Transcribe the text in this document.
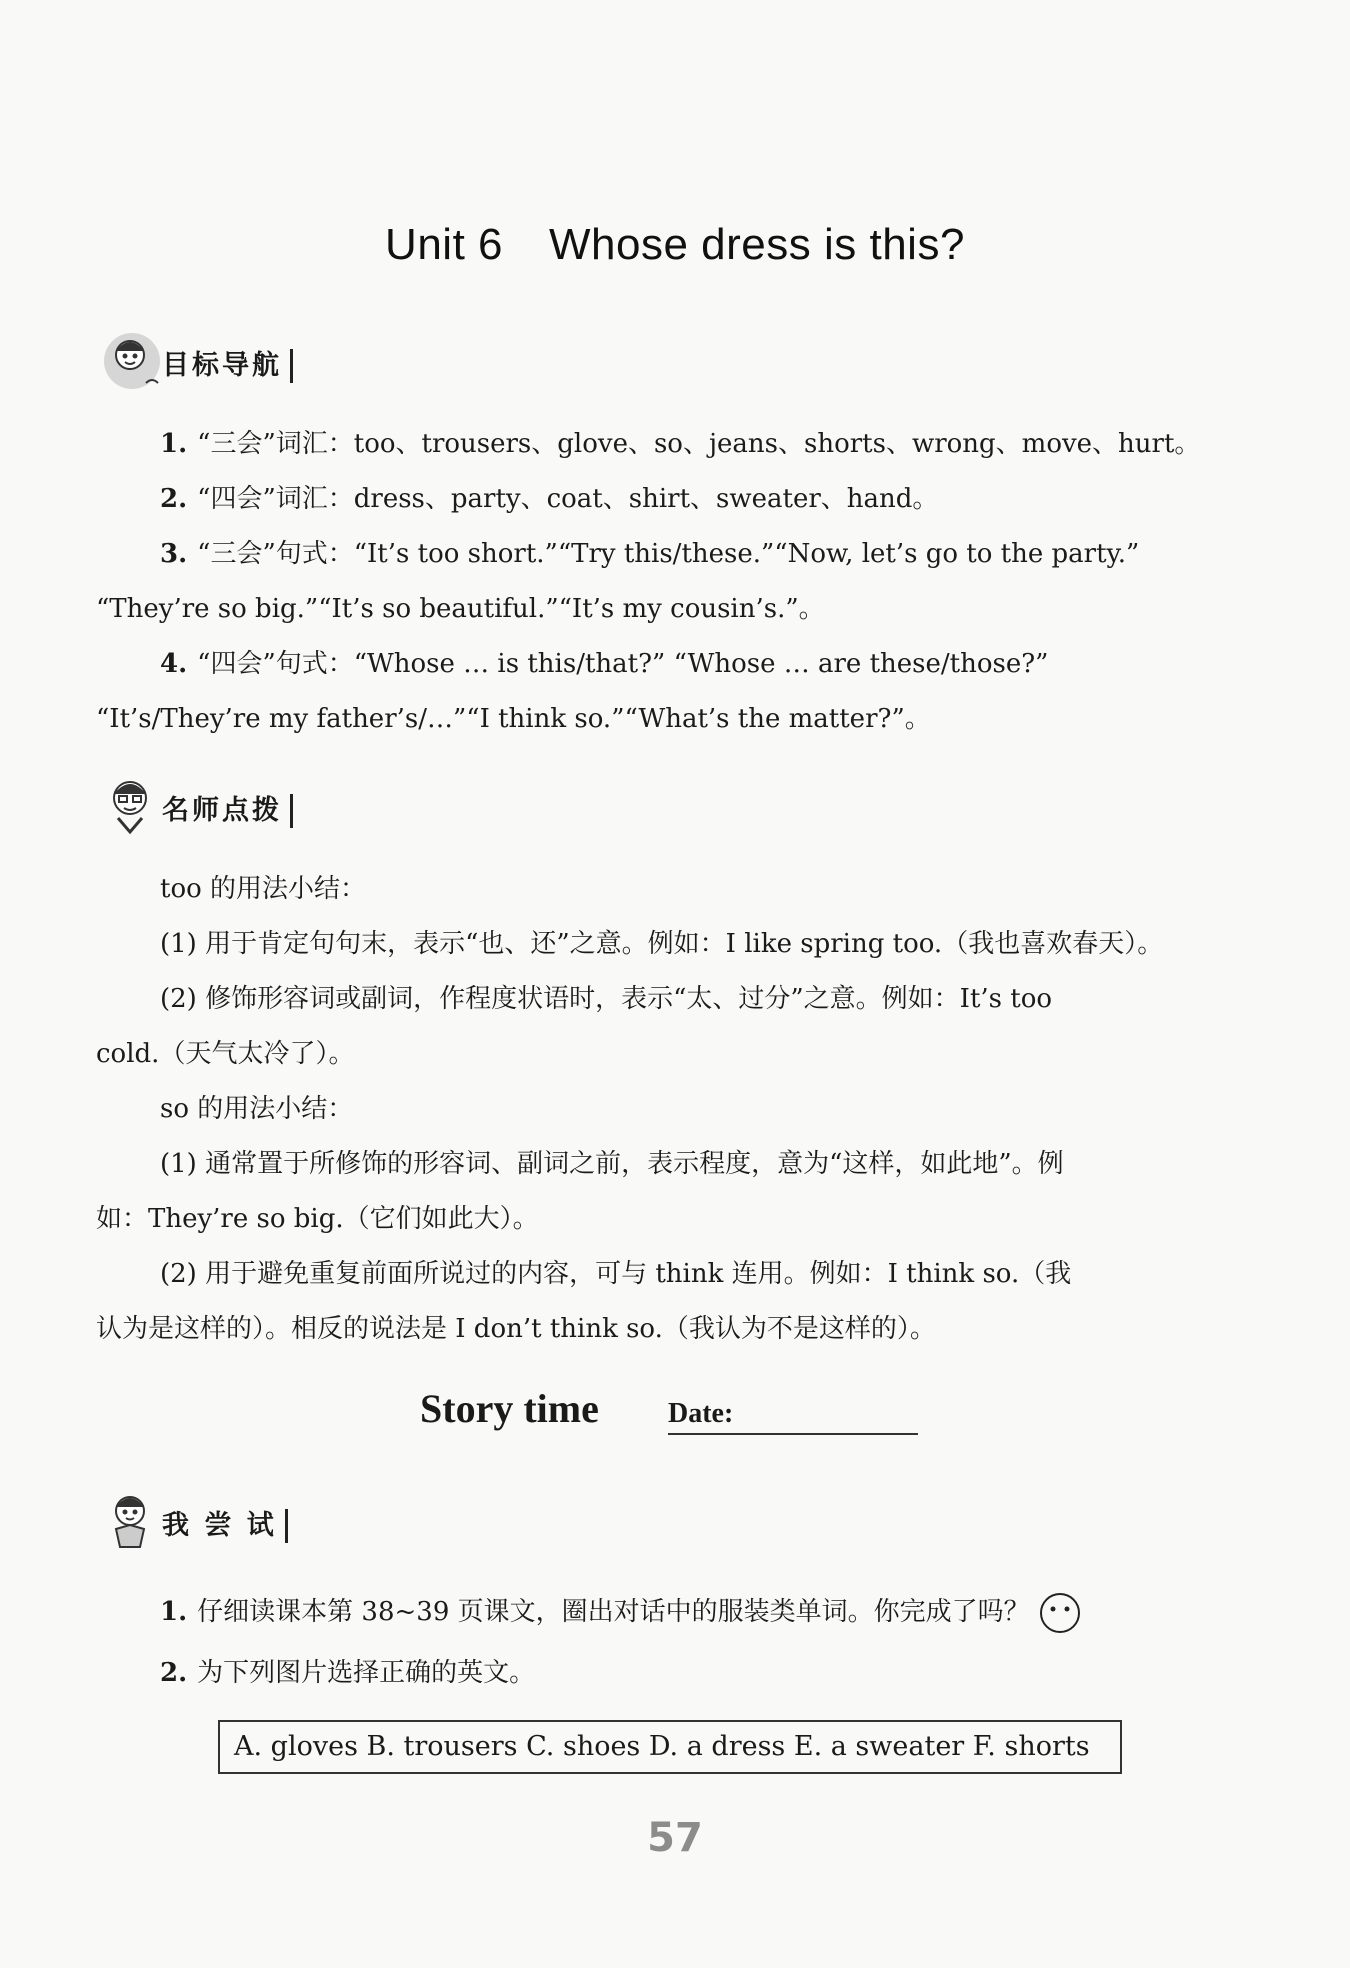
Unit 6 Whose dress is this?
目标导航
1. “三会”词汇：too、trousers、glove、so、jeans、shorts、wrong、move、hurt。
2. “四会”词汇：dress、party、coat、shirt、sweater、hand。
3. “三会”句式：“It’s too short.”“Try this/these.”“Now, let’s go to the party.”
“They’re so big.”“It’s so beautiful.”“It’s my cousin’s.”。
4. “四会”句式：“Whose … is this/that?” “Whose … are these/those?”
“It’s/They’re my father’s/…”“I think so.”“What’s the matter?”。
名师点拨
too 的用法小结：
(1) 用于肯定句句末，表示“也、还”之意。例如：I like spring too.（我也喜欢春天）。
(2) 修饰形容词或副词，作程度状语时，表示“太、过分”之意。例如：It’s too
cold.（天气太冷了）。
so 的用法小结：
(1) 通常置于所修饰的形容词、副词之前，表示程度，意为“这样，如此地”。例
如：They’re so big.（它们如此大）。
(2) 用于避免重复前面所说过的内容，可与 think 连用。例如：I think so.（我
认为是这样的）。相反的说法是 I don’t think so.（我认为不是这样的）。
Story time Date:
我 尝 试
1. 仔细读课本第 38~39 页课文，圈出对话中的服装类单词。你完成了吗？
2. 为下列图片选择正确的英文。
A. gloves B. trousers C. shoes D. a dress E. a sweater F. shorts
57
